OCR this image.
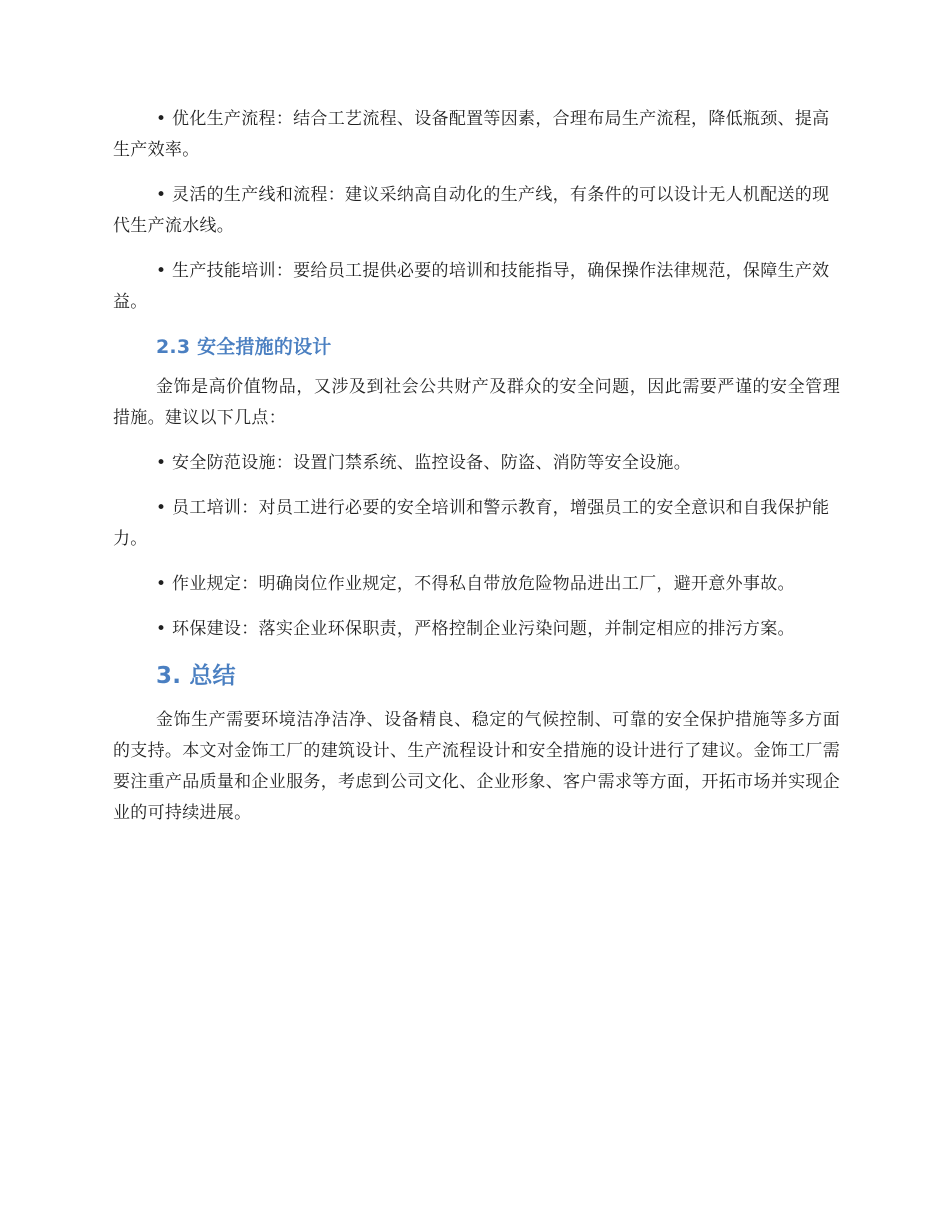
• 优化生产流程：结合工艺流程、设备配置等因素，合理布局生产流程，降低瓶颈、提高生产效率。

• 灵活的生产线和流程：建议采纳高自动化的生产线，有条件的可以设计无人机配送的现代生产流水线。

• 生产技能培训：要给员工提供必要的培训和技能指导，确保操作法律规范，保障生产效益。

2.3 安全措施的设计

金饰是高价值物品，又涉及到社会公共财产及群众的安全问题，因此需要严谨的安全管理措施。建议以下几点：

• 安全防范设施：设置门禁系统、监控设备、防盗、消防等安全设施。

• 员工培训：对员工进行必要的安全培训和警示教育，增强员工的安全意识和自我保护能力。

• 作业规定：明确岗位作业规定，不得私自带放危险物品进出工厂，避开意外事故。

• 环保建设：落实企业环保职责，严格控制企业污染问题，并制定相应的排污方案。

3. 总结

金饰生产需要环境洁净洁净、设备精良、稳定的气候控制、可靠的安全保护措施等多方面的支持。本文对金饰工厂的建筑设计、生产流程设计和安全措施的设计进行了建议。金饰工厂需要注重产品质量和企业服务，考虑到公司文化、企业形象、客户需求等方面，开拓市场并实现企业的可持续进展。
